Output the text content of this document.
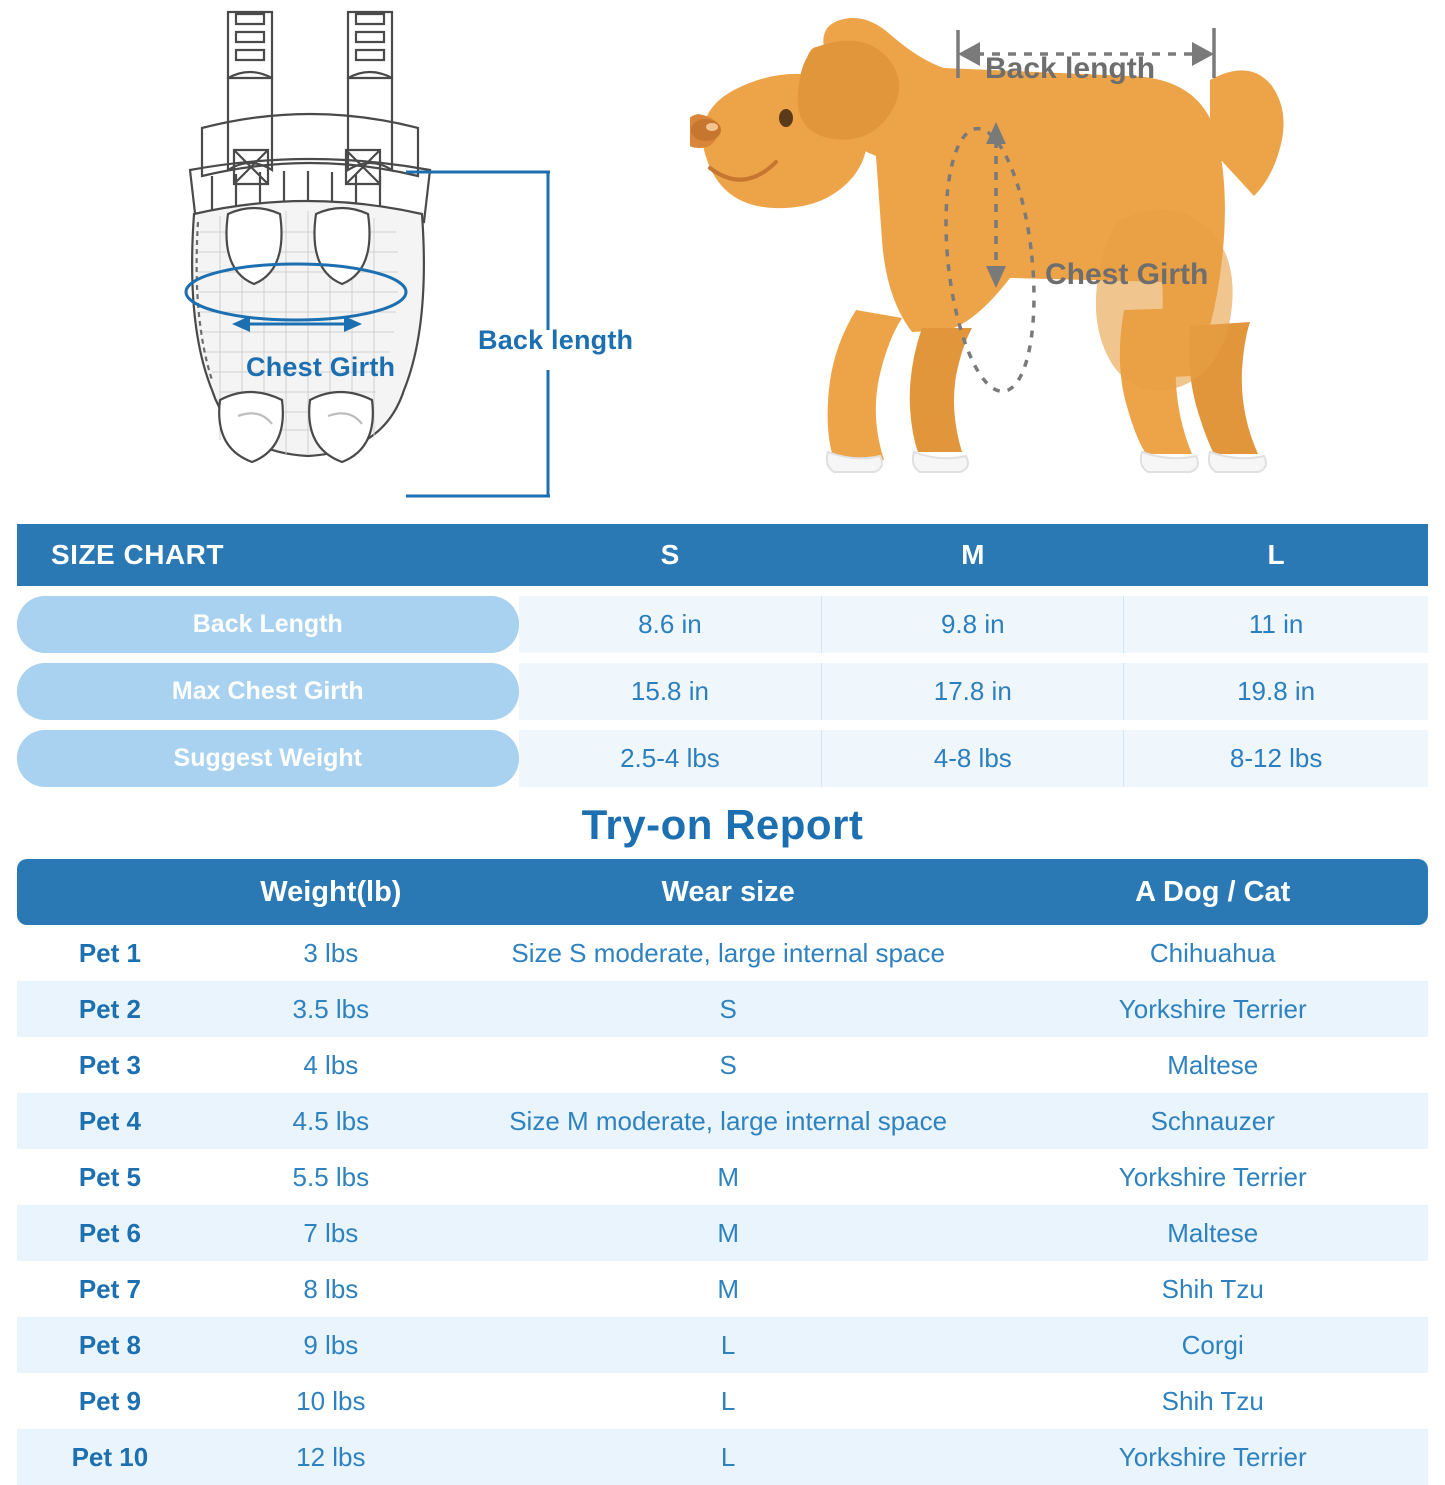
Chest Girth
Back length
Back length
Chest Girth
SIZE CHART	S	M	L

Back Length	8.6 in	9.8 in	11 in

Max Chest Girth	15.8 in	17.8 in	19.8 in

Suggest Weight	2.5-4 lbs	4-8 lbs	8-12 lbs
Try-on Report
	Weight(lb)	Wear size	A Dog / Cat
Pet 1	3 lbs	Size S moderate, large internal space	Chihuahua
Pet 2	3.5 lbs	S	Yorkshire Terrier
Pet 3	4 lbs	S	Maltese
Pet 4	4.5 lbs	Size M moderate, large internal space	Schnauzer
Pet 5	5.5 lbs	M	Yorkshire Terrier
Pet 6	7 lbs	M	Maltese
Pet 7	8 lbs	M	Shih Tzu
Pet 8	9 lbs	L	Corgi
Pet 9	10 lbs	L	Shih Tzu
Pet 10	12 lbs	L	Yorkshire Terrier
